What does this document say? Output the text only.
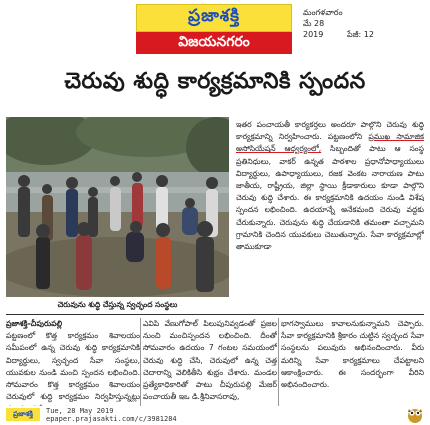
ప్రజాశక్తి
విజయనగరం
మంగళవారం
మే 28
2019	పేజీ: 12
చెరువు శుద్ధి కార్యక్రమానికి స్పందన
చెరువును శుద్ధి చేస్తున్న స్వచ్ఛంద సంస్థలు

ఇతర పంచాయతీ కార్యకర్తలు అందరూ పాల్గొని చెరువు శుద్ధి కార్యక్రమాన్ని నిర్వహించారు. పట్టణంలోని ప్రముఖ సామాజిక అసోసియేషన్ ఆధ్వర్యంలో, సిబ్బందితో పాటు ఆ సంస్థ ప్రతినిధులు, వాకర్ ఉన్నత పాఠశాల ప్రధానోపాధ్యాయులు విద్యార్థులు, ఉపాధ్యాయులు, రజక వెంకట నారాయణ పాటు జాతీయ, రాష్ట్రీయ, జిల్లా స్థాయి క్రీడాకారులు కూడా పాల్గొని చెరువు శుద్ధి చేశారు. ఈ కార్యక్రమానికి ఉదయం నుండి విశేష స్పందన లభించింది. ఉదయాన్నే అనేకమంది చెరువు వద్దకు చేరుకున్నారు. చెరువును శుద్ధి చేయడానికి తమంతా వచ్చామని గ్రామానికి చెందిన యువకులు చెబుతున్నారు. సేవా కార్యక్రమాల్లో తాముకూడా

ప్రజాశక్తి-చీపురుపల్లి
పట్టణంలో కొత్త కార్యక్రమం శివాలయం సమీపంలో ఉన్న చెరువు శుద్ధి కార్యక్రమానికి విద్యార్థులు, స్వచ్ఛంద సేవా సంస్థలు, యువకుల నుండి మంచి స్పందన లభించింది. సోమవారం కొత్త కార్యక్రమం శివాలయం చెరువులో శుద్ధి కార్యక్రమం నిర్వహిస్తున్నట్లు

ఎవిపి వేణుగోపాల్ పిలుపునివ్వడంతో ప్రజల నుంచి మంచిస్పందన లభించింది. దీంతో సోమవారం ఉదయం 7 గంటల సమయంలో చెరువు శుద్ధి చేసి, చెరువులో ఉన్న చెత్త చెదారాన్ని వెలికితీసి శుభ్రం చేశారు. మండల ప్రత్యేకాధికారితో పాటు చీపురుపల్లి మేజర్ పంచాయతీ ఇఒ డి.శ్రీనివాసరావు,

భాగస్వాములు కావాలనుకున్నామని చెప్పారు. సేవా కార్యక్రమానికి శ్రీకారం చుట్టిన స్వచ్ఛంద సేవా సంస్థలను పలువురు అభినందించారు. వీరు మరిన్ని సేవా కార్యక్రమాలు చేపట్టాలని ఆకాంక్షించారు. ఈ సందర్భంగా వీరిని అభినందించారు.

ప్రజాశక్తి	Tue, 28 May 2019
epaper.prajasakti.com/c/3981284
